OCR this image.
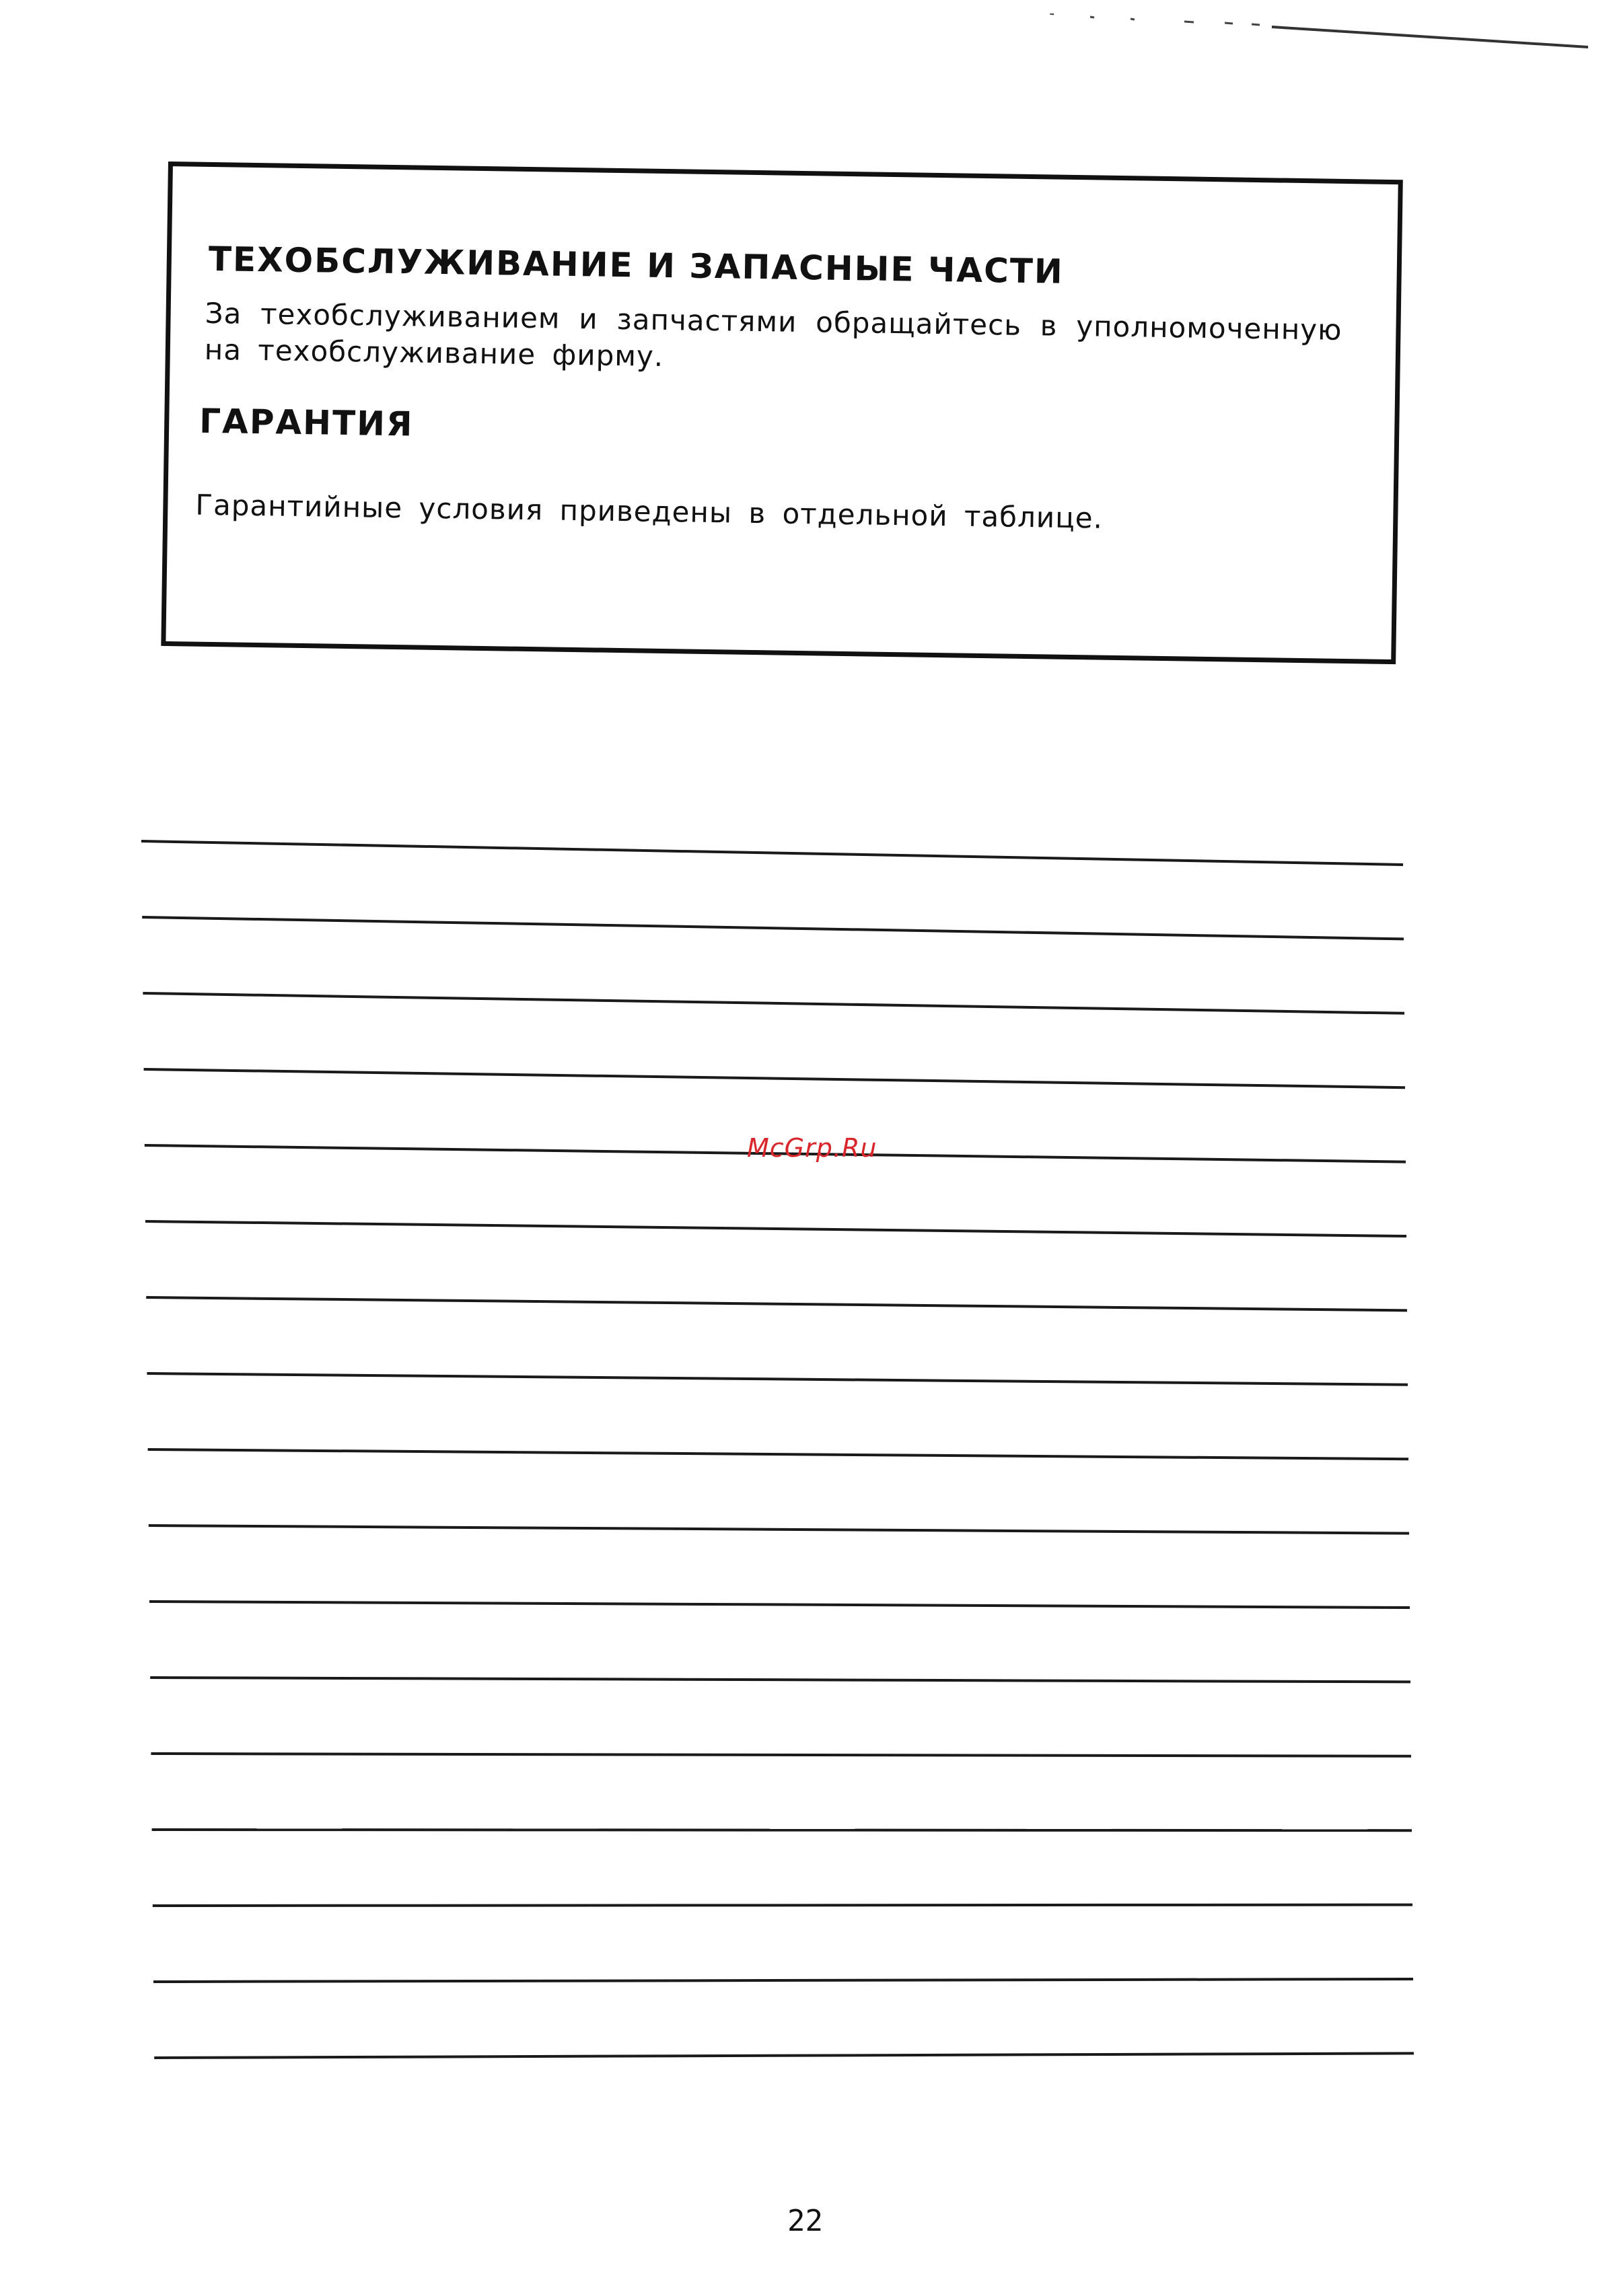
ТЕХОБСЛУЖИВАНИЕ И ЗАПАСНЫЕ ЧАСТИ

За техобслуживанием и запчастями обращайтесь в уполномоченную на техобслуживание фирму.

ГАРАНТИЯ

Гарантийные условия приведены в отдельной таблице.

McGrp.Ru
22
